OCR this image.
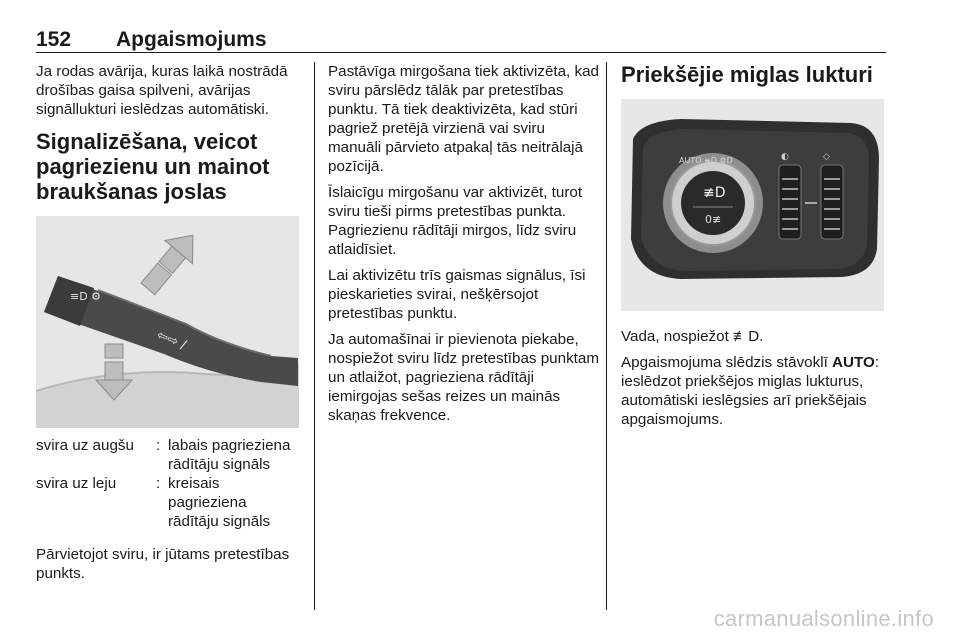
152 Apgaismojums

Ja rodas avārija, kuras laikā nostrādā drošības gaisa spilveni, avārijas signāllukturi ieslēdzas automātiski.

Signalizēšana, veicot pagriezienu un mainot braukšanas joslas
≡D ⚙
⇦⇨ /
svira uz augšu	: labais pagrieziena rādītāju signāls
svira uz leju	: kreisais pagrieziena rādītāju signāls

Pārvietojot sviru, ir jūtams pretestības punkts.

Pastāvīga mirgošana tiek aktivizēta, kad sviru pārslēdz tālāk par pretestības punktu. Tā tiek deaktivizēta, kad stūri pagriež pretējā virzienā vai sviru manuāli pārvieto atpakaļ tās neitrālajā pozīcijā.

Īslaicīgu mirgošanu var aktivizēt, turot sviru tieši pirms pretestības punkta. Pagriezienu rādītāji mirgos, līdz sviru atlaidīsiet.

Lai aktivizētu trīs gaismas signālus, īsi pieskarieties svirai, nešķērsojot pretestības punktu.

Ja automašīnai ir pievienota piekabe, nospiežot sviru līdz pretestības punktam un atlaižot, pagrieziena rādītāji iemirgojas sešas reizes un mainās skaņas frekvence.

Priekšējie miglas lukturi
≢D
0≢
AUTO ≡D ⚙D	◐	◇

Vada, nospiežot ≢D.

Apgaismojuma slēdzis stāvoklī AUTO: ieslēdzot priekšējos miglas lukturus, automātiski ieslēgsies arī priekšējais apgaismojums.

carmanualsonline.info
